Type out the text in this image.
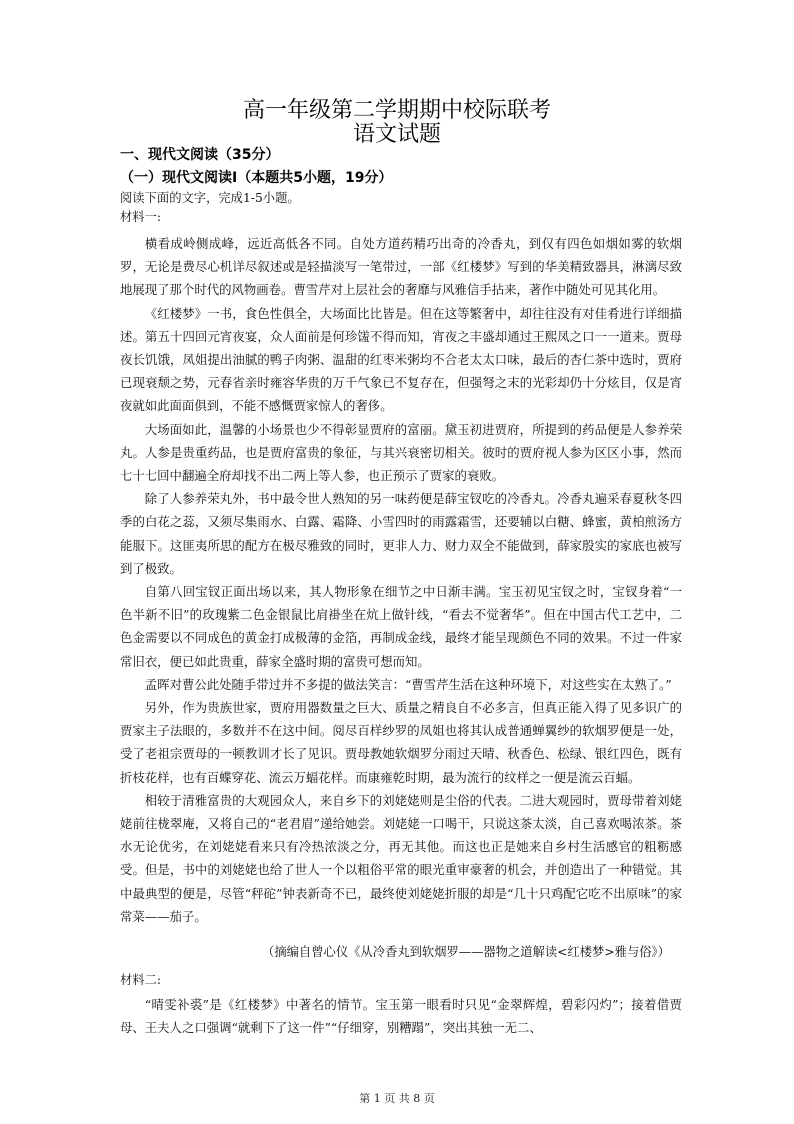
高一年级第二学期期中校际联考
语文试题
一、现代文阅读（35分）
（一）现代文阅读Ⅰ（本题共5小题，19分）
阅读下面的文字，完成1-5小题。
材料一:

横看成岭侧成峰，远近高低各不同。自处方道药精巧出奇的冷香丸，到仅有四色如烟如雾的软烟罗，无论是费尽心机详尽叙述或是轻描淡写一笔带过，一部《红楼梦》写到的华美精致器具，淋漓尽致地展现了那个时代的风物画卷。曹雪芹对上层社会的奢靡与风雅信手拈来，著作中随处可见其化用。

《红楼梦》一书，食色性俱全，大场面比比皆是。但在这等繁奢中，却往往没有对佳肴进行详细描述。第五十四回元宵夜宴，众人面前是何珍馐不得而知，宵夜之丰盛却通过王熙凤之口一一道来。贾母夜长饥饿，凤姐提出油腻的鸭子肉粥、温甜的红枣米粥均不合老太太口味，最后的杏仁茶中选时，贾府已现衰颓之势，元春省亲时雍容华贵的万千气象已不复存在，但强弩之末的光彩却仍十分炫目，仅是宵夜就如此面面俱到，不能不感慨贾家惊人的奢侈。

大场面如此，温馨的小场景也少不得彰显贾府的富丽。黛玉初进贾府，所提到的药品便是人参养荣丸。人参是贵重药品，也是贾府富贵的象征，与其兴衰密切相关。彼时的贾府视人参为区区小事，然而七十七回中翻遍全府却找不出二两上等人参，也正预示了贾家的衰败。

除了人参养荣丸外，书中最令世人熟知的另一味药便是薛宝钗吃的冷香丸。冷香丸遍采春夏秋冬四季的白花之蕊，又须尽集雨水、白露、霜降、小雪四时的雨露霜雪，还要辅以白糖、蜂蜜，黄柏煎汤方能服下。这匪夷所思的配方在极尽雅致的同时，更非人力、财力双全不能做到，薛家殷实的家底也被写到了极致。

自第八回宝钗正面出场以来，其人物形象在细节之中日渐丰满。宝玉初见宝钗之时，宝钗身着“一色半新不旧”的玫瑰紫二色金银鼠比肩褂坐在炕上做针线，“看去不觉奢华”。但在中国古代工艺中，二色金需要以不同成色的黄金打成极薄的金箔，再制成金线，最终才能呈现颜色不同的效果。不过一件家常旧衣，便已如此贵重，薛家全盛时期的富贵可想而知。

孟晖对曹公此处随手带过并不多提的做法笑言：“曹雪芹生活在这种环境下，对这些实在太熟了。”

另外，作为贵族世家，贾府用器数量之巨大、质量之精良自不必多言，但真正能入得了见多识广的贾家主子法眼的，多数并不在这中间。阅尽百样纱罗的凤姐也将其认成普通蝉翼纱的软烟罗便是一处，受了老祖宗贾母的一顿教训才长了见识。贾母教她软烟罗分雨过天晴、秋香色、松绿、银红四色，既有折枝花样，也有百蝶穿花、流云万蝠花样。而康雍乾时期，最为流行的纹样之一便是流云百蝠。

相较于清雅富贵的大观园众人，来自乡下的刘姥姥则是尘俗的代表。二进大观园时，贾母带着刘姥姥前往栊翠庵，又将自己的“老君眉”递给她尝。刘姥姥一口喝干，只说这茶太淡，自己喜欢喝浓茶。茶水无论优劣，在刘姥姥看来只有冷热浓淡之分，再无其他。而这也正是她来自乡村生活感官的粗粝感受。但是，书中的刘姥姥也给了世人一个以粗俗平常的眼光重审豪奢的机会，并创造出了一种错觉。其中最典型的便是，尽管“秤砣”钟表新奇不已，最终使刘姥姥折服的却是“几十只鸡配它吃不出原味”的家常菜——茄子。

（摘编自曾心仪《从冷香丸到软烟罗——器物之道解读<红楼梦>雅与俗》）
材料二:

“晴雯补裘”是《红楼梦》中著名的情节。宝玉第一眼看时只见“金翠辉煌，碧彩闪灼”；接着借贾母、王夫人之口强调“就剩下了这一件”“仔细穿，别糟蹋”，突出其独一无二、

第 1 页 共 8 页
